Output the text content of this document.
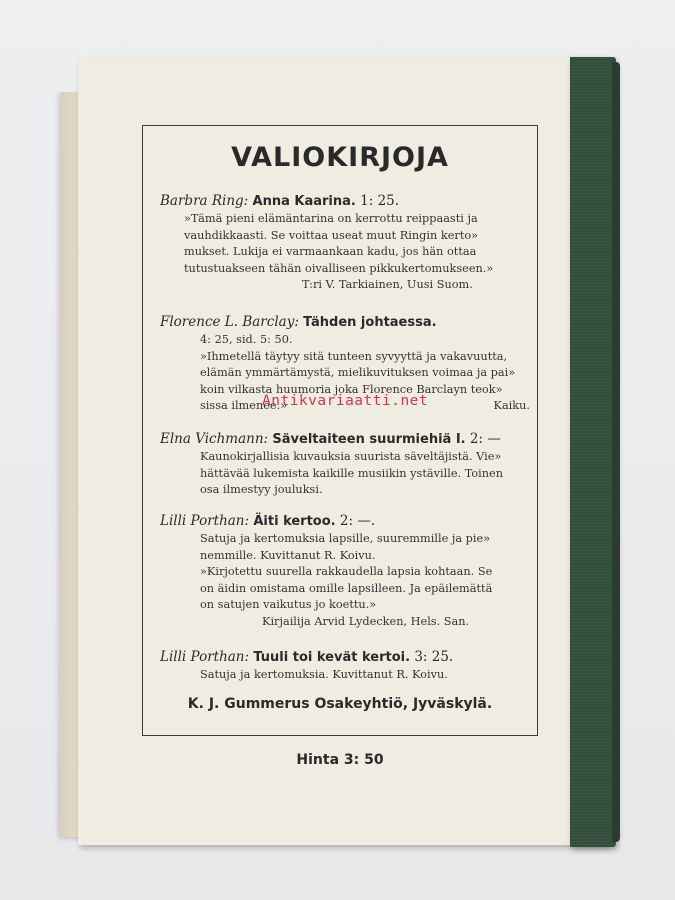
VALIOKIRJOJA
Barbra Ring: Anna Kaarina. 1: 25.
»Tämä pieni elämäntarina on kerrottu reippaasti ja
vauhdikkaasti. Se voittaa useat muut Ringin kerto»
mukset. Lukija ei varmaankaan kadu, jos hän ottaa
tutustuakseen tähän oivalliseen pikkukertomukseen.»
T:ri V. Tarkiainen, Uusi Suom.
Florence L. Barclay: Tähden johtaessa.
4: 25, sid. 5: 50.
»Ihmetellä täytyy sitä tunteen syvyyttä ja vakavuutta,
elämän ymmärtämystä, mielikuvituksen voimaa ja pai»
koin vilkasta huumoria joka Florence Barclayn teok»
sissa ilmenee.»	Kaiku.
Elna Vichmann: Säveltaiteen suurmiehiä I. 2: —
Kaunokirjallisia kuvauksia suurista säveltäjistä. Vie»
hättävää lukemista kaikille musiikin ystäville. Toinen
osa ilmestyy jouluksi.
Lilli Porthan: Äiti kertoo. 2: —.
Satuja ja kertomuksia lapsille, suuremmille ja pie»
nemmille. Kuvittanut R. Koivu.
»Kirjotettu suurella rakkaudella lapsia kohtaan. Se
on äidin omistama omille lapsilleen. Ja epäilemättä
on satujen vaikutus jo koettu.»
Kirjailija Arvid Lydecken, Hels. San.
Lilli Porthan: Tuuli toi kevät kertoi. 3: 25.
Satuja ja kertomuksia. Kuvittanut R. Koivu.
K. J. Gummerus Osakeyhtiö, Jyväskylä.
Hinta 3: 50
Antikvariaatti.net
